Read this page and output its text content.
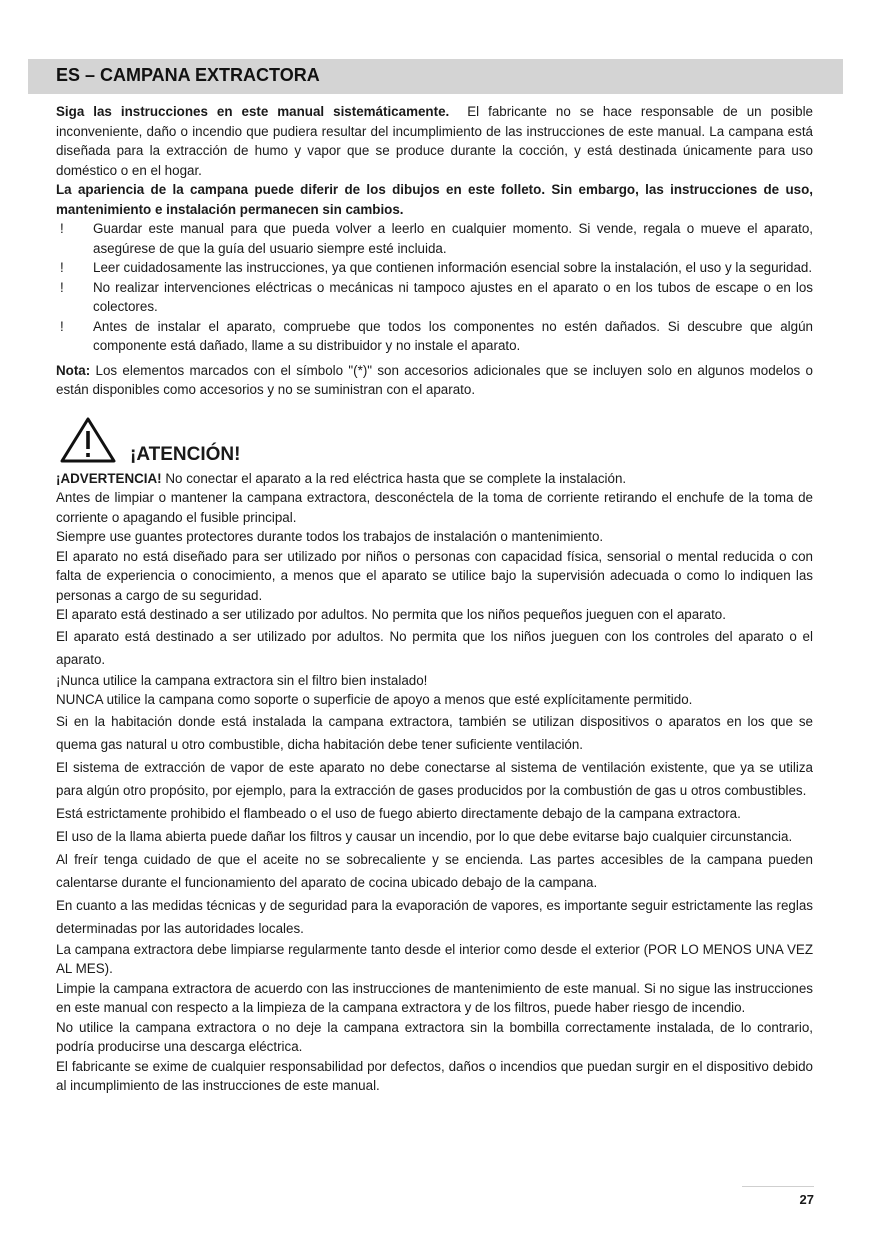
ES – CAMPANA EXTRACTORA

Siga las instrucciones en este manual sistemáticamente. El fabricante no se hace responsable de un posible inconveniente, daño o incendio que pudiera resultar del incumplimiento de las instrucciones de este manual. La campana está diseñada para la extracción de humo y vapor que se produce durante la cocción, y está destinada únicamente para uso doméstico o en el hogar.

La apariencia de la campana puede diferir de los dibujos en este folleto. Sin embargo, las instrucciones de uso, mantenimiento e instalación permanecen sin cambios.

! Guardar este manual para que pueda volver a leerlo en cualquier momento. Si vende, regala o mueve el aparato, asegúrese de que la guía del usuario siempre esté incluida.
! Leer cuidadosamente las instrucciones, ya que contienen información esencial sobre la instalación, el uso y la seguridad.
! No realizar intervenciones eléctricas o mecánicas ni tampoco ajustes en el aparato o en los tubos de escape o en los colectores.
! Antes de instalar el aparato, compruebe que todos los componentes no estén dañados. Si descubre que algún componente está dañado, llame a su distribuidor y no instale el aparato.

Nota: Los elementos marcados con el símbolo "(*)" son accesorios adicionales que se incluyen solo en algunos modelos o están disponibles como accesorios y no se suministran con el aparato.

¡ATENCIÓN!

¡ADVERTENCIA! No conectar el aparato a la red eléctrica hasta que se complete la instalación.

Antes de limpiar o mantener la campana extractora, desconéctela de la toma de corriente retirando el enchufe de la toma de corriente o apagando el fusible principal.

Siempre use guantes protectores durante todos los trabajos de instalación o mantenimiento.

El aparato no está diseñado para ser utilizado por niños o personas con capacidad física, sensorial o mental reducida o con falta de experiencia o conocimiento, a menos que el aparato se utilice bajo la supervisión adecuada o como lo indiquen las personas a cargo de su seguridad.

El aparato está destinado a ser utilizado por adultos. No permita que los niños pequeños jueguen con el aparato.

El aparato está destinado a ser utilizado por adultos. No permita que los niños jueguen con los controles del aparato o el aparato.

¡Nunca utilice la campana extractora sin el filtro bien instalado!

NUNCA utilice la campana como soporte o superficie de apoyo a menos que esté explícitamente permitido.

Si en la habitación donde está instalada la campana extractora, también se utilizan dispositivos o aparatos en los que se quema gas natural u otro combustible, dicha habitación debe tener suficiente ventilación.

El sistema de extracción de vapor de este aparato no debe conectarse al sistema de ventilación existente, que ya se utiliza para algún otro propósito, por ejemplo, para la extracción de gases producidos por la combustión de gas u otros combustibles.

Está estrictamente prohibido el flambeado o el uso de fuego abierto directamente debajo de la campana extractora.

El uso de la llama abierta puede dañar los filtros y causar un incendio, por lo que debe evitarse bajo cualquier circunstancia.

Al freír tenga cuidado de que el aceite no se sobrecaliente y se encienda. Las partes accesibles de la campana pueden calentarse durante el funcionamiento del aparato de cocina ubicado debajo de la campana.

En cuanto a las medidas técnicas y de seguridad para la evaporación de vapores, es importante seguir estrictamente las reglas determinadas por las autoridades locales.

La campana extractora debe limpiarse regularmente tanto desde el interior como desde el exterior (POR LO MENOS UNA VEZ AL MES).

Limpie la campana extractora de acuerdo con las instrucciones de mantenimiento de este manual. Si no sigue las instrucciones en este manual con respecto a la limpieza de la campana extractora y de los filtros, puede haber riesgo de incendio.

No utilice la campana extractora o no deje la campana extractora sin la bombilla correctamente instalada, de lo contrario, podría producirse una descarga eléctrica.

El fabricante se exime de cualquier responsabilidad por defectos, daños o incendios que puedan surgir en el dispositivo debido al incumplimiento de las instrucciones de este manual.

27
